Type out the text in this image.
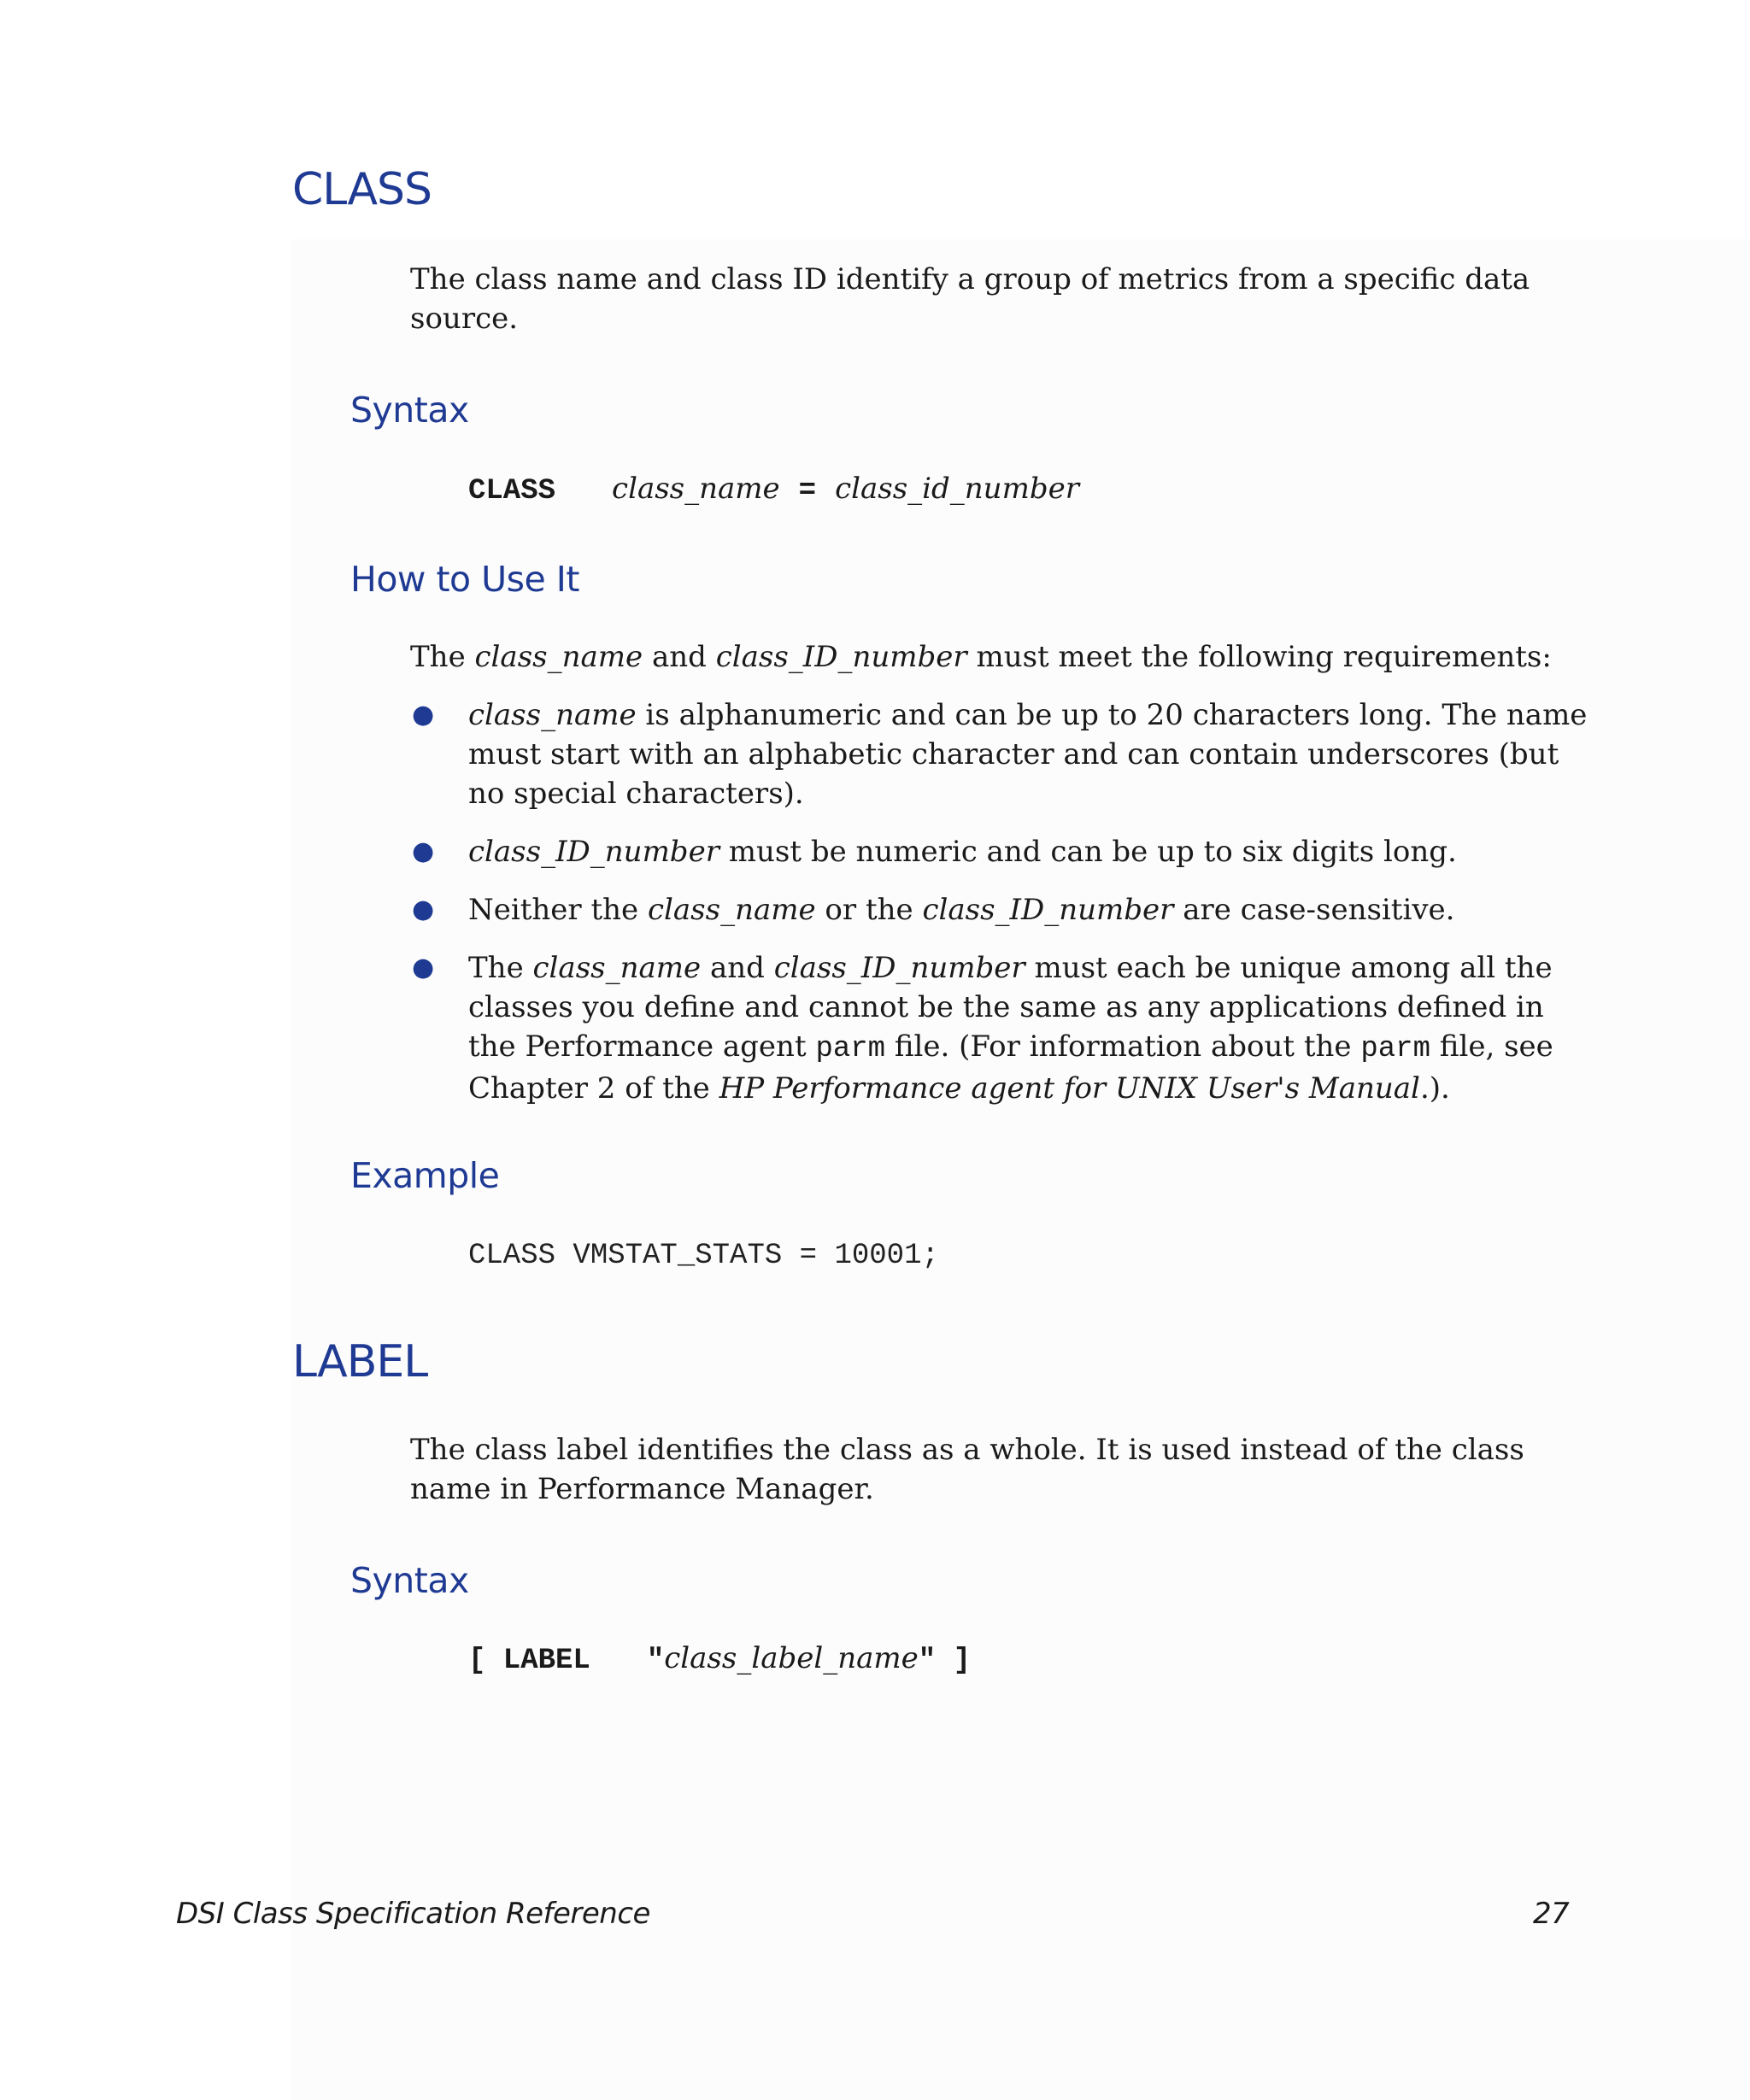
CLASS
The class name and class ID identify a group of metrics from a specific data source.
Syntax
CLASS class_name = class_id_number
How to Use It
The class_name and class_ID_number must meet the following requirements:
● class_name is alphanumeric and can be up to 20 characters long. The name must start with an alphabetic character and can contain underscores (but no special characters).
● class_ID_number must be numeric and can be up to six digits long.
● Neither the class_name or the class_ID_number are case-sensitive.
● The class_name and class_ID_number must each be unique among all the classes you define and cannot be the same as any applications defined in the Performance agent parm file. (For information about the parm file, see Chapter 2 of the HP Performance agent for UNIX User's Manual.).
Example
CLASS VMSTAT_STATS = 10001;
LABEL
The class label identifies the class as a whole. It is used instead of the class name in Performance Manager.
Syntax
[ LABEL "class_label_name" ]
DSI Class Specification Reference	27
